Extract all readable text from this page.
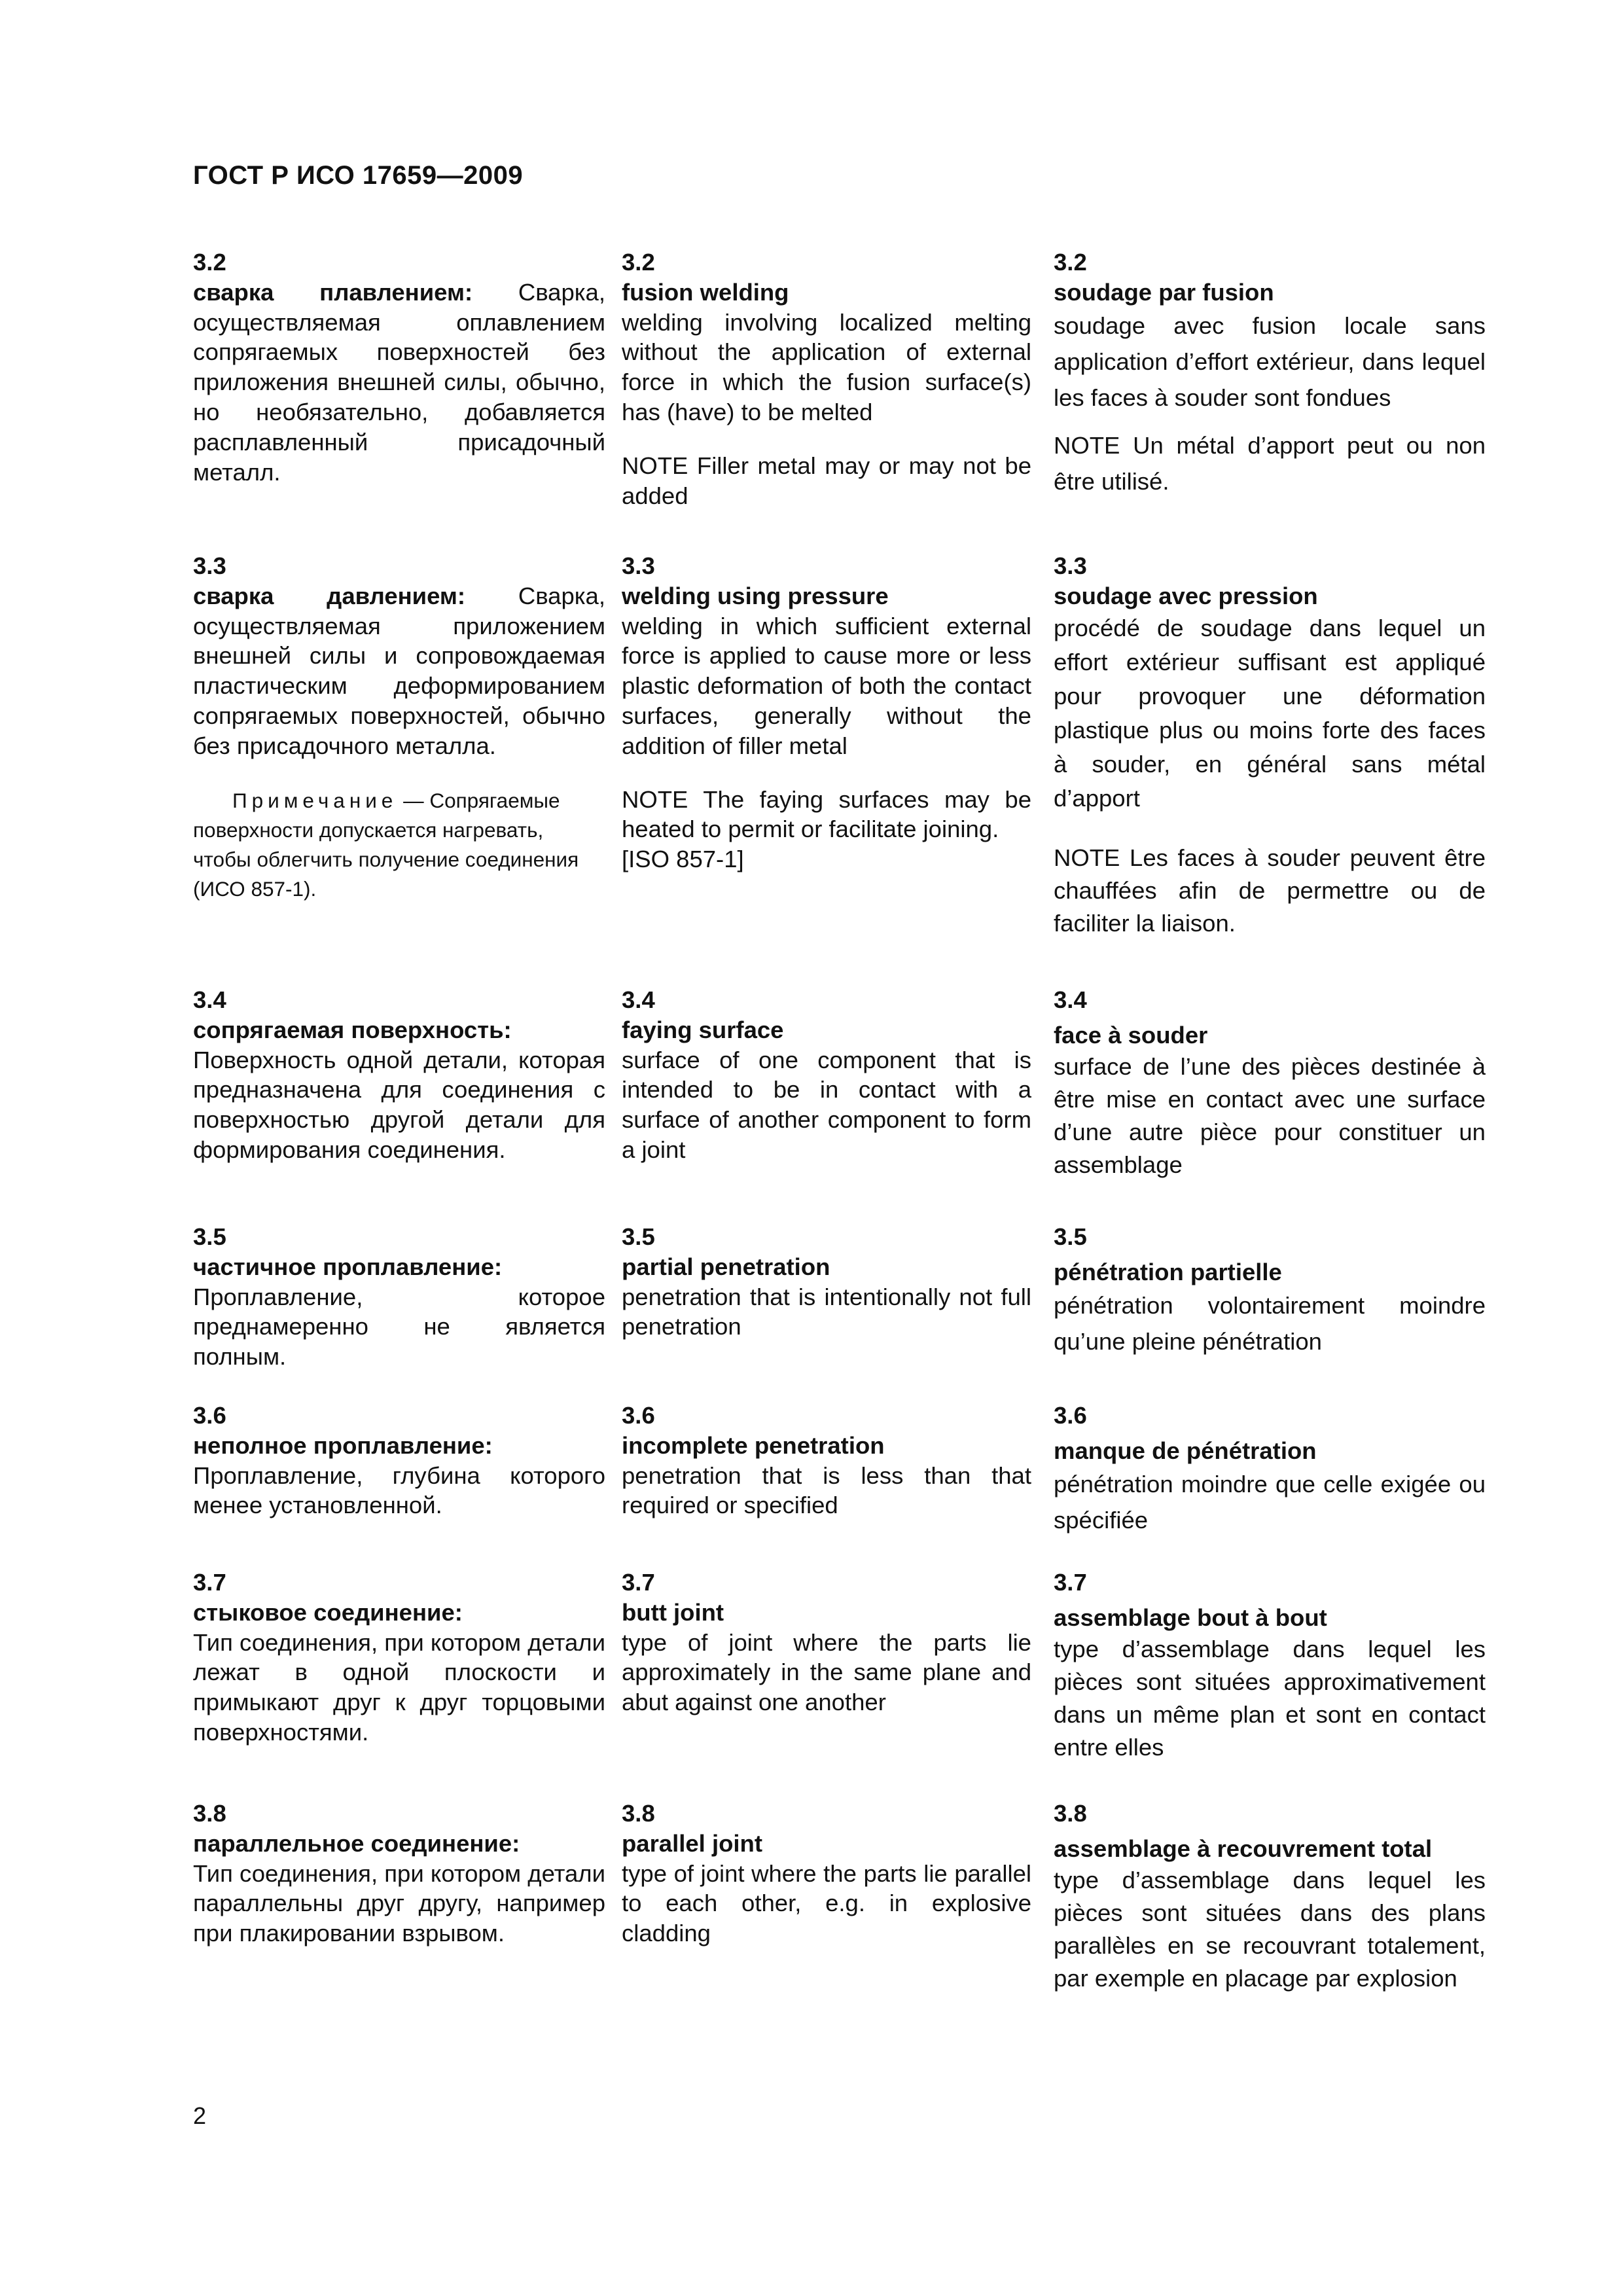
ГОСТ Р ИСО 17659—2009
3.2
сварка плавлением: Сварка, осуществляемая оплавлением сопрягаемых поверхностей без приложения внешней силы, обычно, но необязательно, добавляется расплавленный присадочный металл.
3.2
fusion welding
welding involving localized melting without the application of external force in which the fusion surface(s) has (have) to be melted
NOTE Filler metal may or may not be added
3.2
soudage par fusion
soudage avec fusion locale sans application d’effort extérieur, dans lequel les faces à souder sont fondues
NOTE Un métal d’apport peut ou non être utilisé.
3.3
сварка давлением: Сварка, осуществляемая приложением внешней силы и сопровождаемая пластическим деформированием сопрягаемых поверхностей, обычно без присадочного металла.
Примечание — Сопрягаемые поверхности допускается нагревать, чтобы облегчить получение соединения (ИСО 857-1).
3.3
welding using pressure
welding in which sufficient external force is applied to cause more or less plastic deformation of both the contact surfaces, generally without the addition of filler metal
NOTE The faying surfaces may be heated to permit or facilitate joining.
[ISO 857-1]
3.3
soudage avec pression
procédé de soudage dans lequel un effort extérieur suffisant est appliqué pour provoquer une déformation plastique plus ou moins forte des faces à souder, en général sans métal d’apport
NOTE Les faces à souder peuvent être chauffées afin de permettre ou de faciliter la liaison.
3.4
сопрягаемая поверхность:
Поверхность одной детали, которая предназначена для соединения с поверхностью другой детали для формирования соединения.
3.4
faying surface
surface of one component that is intended to be in contact with a surface of another component to form a joint
3.4
face à souder
surface de l’une des pièces destinée à être mise en contact avec une surface d’une autre pièce pour constituer un assemblage
3.5
частичное проплавление:
Проплавление, которое преднамеренно не является полным.
3.5
partial penetration
penetration that is intentionally not full penetration
3.5
pénétration partielle
pénétration volontairement moindre qu’une pleine pénétration
3.6
неполное проплавление:
Проплавление, глубина которого менее установленной.
3.6
incomplete penetration
penetration that is less than that required or specified
3.6
manque de pénétration
pénétration moindre que celle exigée ou spécifiée
3.7
стыковое соединение:
Тип соединения, при котором детали лежат в одной плоскости и примыкают друг к друг торцовыми поверхностями.
3.7
butt joint
type of joint where the parts lie approximately in the same plane and abut against one another
3.7
assemblage bout à bout
type d’assemblage dans lequel les pièces sont situées approximativement dans un même plan et sont en contact entre elles
3.8
параллельное соединение:
Тип соединения, при котором детали параллельны друг другу, например при плакировании взрывом.
3.8
parallel joint
type of joint where the parts lie parallel to each other, e.g. in explosive cladding
3.8
assemblage à recouvrement total
type d’assemblage dans lequel les pièces sont situées dans des plans parallèles en se recouvrant totalement, par exemple en placage par explosion
2
